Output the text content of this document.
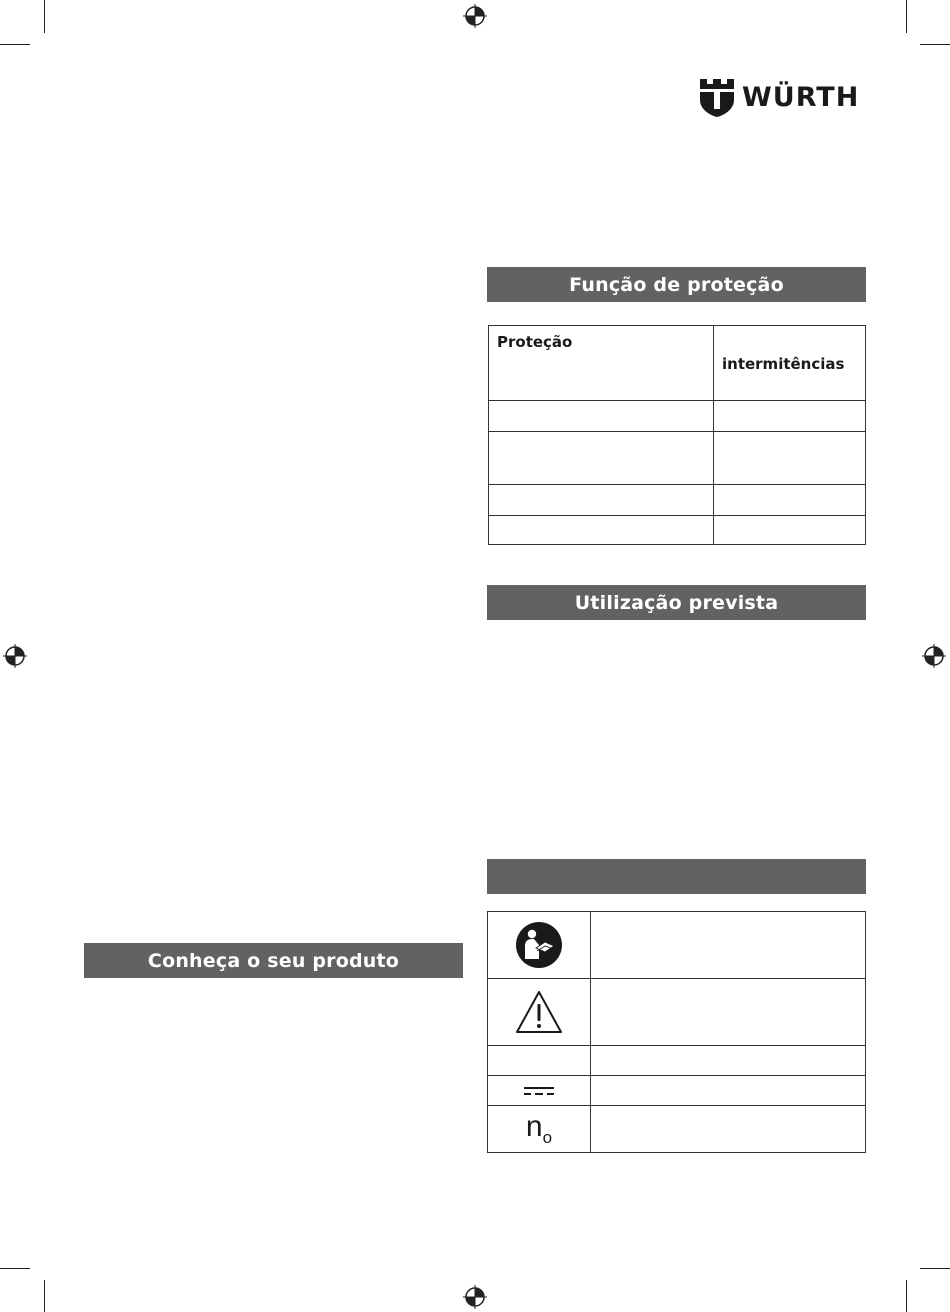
WÜRTH
Função de proteção
Proteção	intermitências

Utilização prevista

$n_o$	
Conheça o seu produto
